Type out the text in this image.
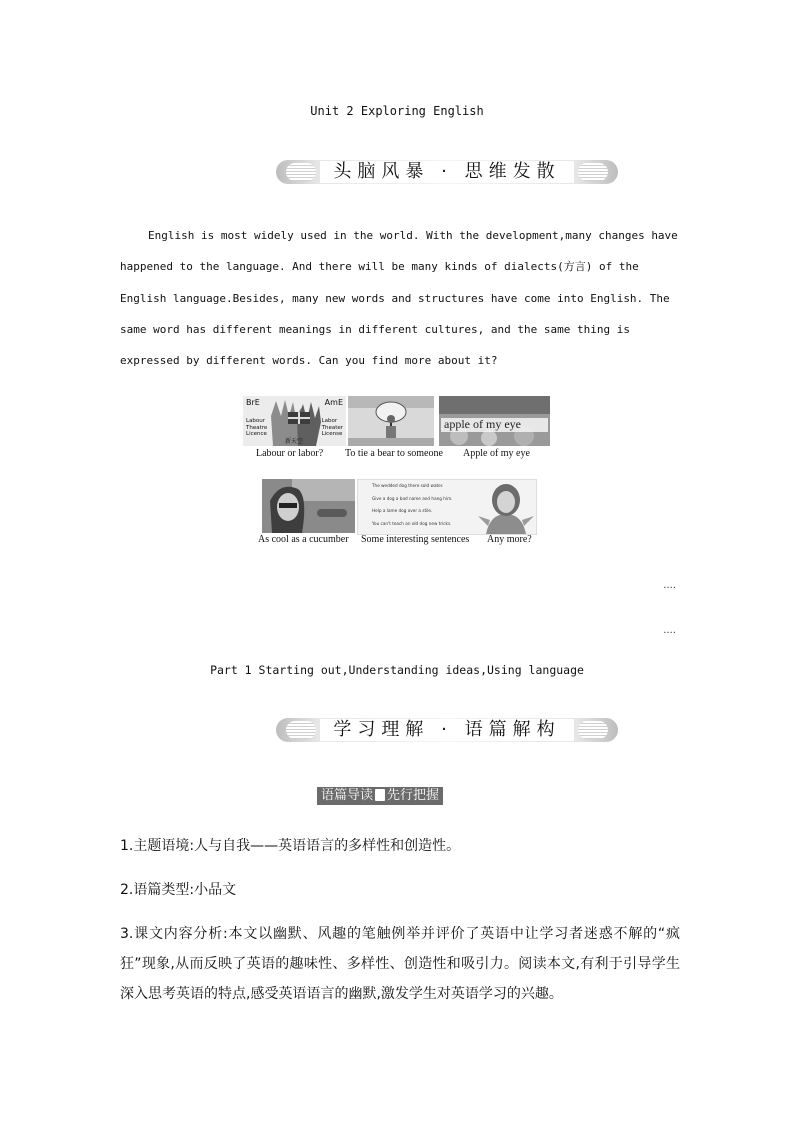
Unit 2 Exploring English
头脑风暴 · 思维发散

English is most widely used in the world. With the development,many changes have
happened to the language. And there will be many kinds of dialects(方言) of the
English language.Besides, many new words and structures have come into English. The
same word has different meanings in different cultures, and the same thing is
expressed by different words. Can you find more about it?

BrE	AmE
Labour
Theatre
Licence
Labor
Theater
License
新天空
Labour or labor? To tie a bear to someone
apple of my eye
Apple of my eye
As cool as a cucumber
The wedded dog there sold water.
Give a dog a bad name and hang him.
Help a lame dog over a stile.
You can't teach an old dog new tricks.
Some interesting sentences Any more?
....
....
Part 1 Starting out,Understanding ideas,Using language
学习理解 · 语篇解构
语篇导读 先行把握
1.主题语境:人与自我——英语语言的多样性和创造性。
2.语篇类型:小品文
3.课文内容分析:本文以幽默、风趣的笔触例举并评价了英语中让学习者迷惑不解的“疯狂”现象,从而反映了英语的趣味性、多样性、创造性和吸引力。阅读本文,有利于引导学生深入思考英语的特点,感受英语语言的幽默,激发学生对英语学习的兴趣。
